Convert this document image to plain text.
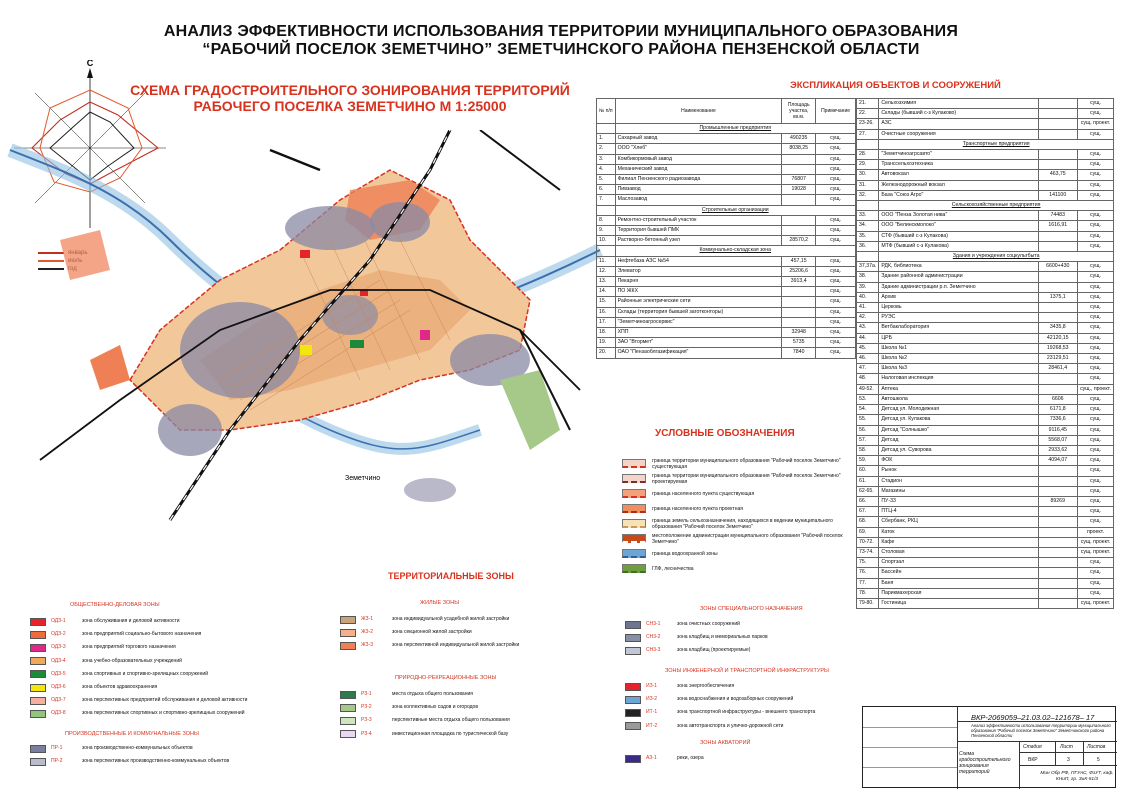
АНАЛИЗ ЭФФЕКТИВНОСТИ ИСПОЛЬЗОВАНИЯ ТЕРРИТОРИИ МУНИЦИПАЛЬНОГО ОБРАЗОВАНИЯ
“РАБОЧИЙ ПОСЕЛОК ЗЕМЕТЧИНО” ЗЕМЕТЧИНСКОГО РАЙОНА ПЕНЗЕНСКОЙ ОБЛАСТИ
С
СХЕМА ГРАДОСТРОИТЕЛЬНОГО ЗОНИРОВАНИЯ ТЕРРИТОРИЙ
РАБОЧЕГО ПОСЕЛКА ЗЕМЕТЧИНО М 1:25000
Земетчино
ЭКСПЛИКАЦИЯ ОБЪЕКТОВ И СООРУЖЕНИЙ
№ п/п	Наименование	Площадь участка, кв.м.	Примечание
	Промышленные предприятия		
1.	Сахарный завод	490235	сущ.
2.	ООО "Хлеб"	8038,25	сущ.
3.	Комбикормовый завод		сущ.
4.	Механический завод		сущ.
5.	Филиал Пензенского радиозавода	76807	сущ.
6.	Пивзавод	19028	сущ.
7.	Маслозавод		сущ.
	Строительные организации		
8.	Ремонтно-строительный участок		сущ.
9.	Территория бывшей ПМК		сущ.
10.	Растворно-бетонный узел	28570,2	сущ.
	Коммунально-складская зона		
11.	Нефтебаза АЗС №54	457,15	сущ.
12.	Элеватор	25206,6	сущ.
13.	Пекарня	3913,4	сущ.
14.	ПО ЖКХ		сущ.
15.	Районные электрические сети		сущ.
16.	Склады (территория бывшей заготконторы)		сущ.
17.	"Земетчиноагросервис"		сущ.
18.	ХПП	32948	сущ.
19.	ЗАО "Втормет"	5735	сущ.
20.	ОАО "Пензаоблгазификация"	7840	сущ.
21.	Сельхозхимия		сущ.
22.	Склады (бывший с-з Кулаково)		сущ.
23-26.	АЗС		сущ. проект.
27.	Очистные сооружения		сущ.
	Транспортные предприятия		
28.	"Земетчиноагрсавто"		сущ.
29.	Транссельхозтехника		сущ.
30.	Автовокзал	463,75	сущ.
31.	Железнодорожный вокзал		сущ.
32.	База "Союз Агро"	141100	сущ.
	Сельскохозяйственные предприятия		
33.	ООО "Пенза Золотая нива"	74483	сущ.
34.	ООО "Белинскмолоко"	1616,91	сущ.
35.	СТФ (бывший с-з Кулакова)		сущ.
36.	МТФ (бывший с-з Кулакова)		сущ.
	Здания и учреждения соцкультбыта		
37,37а.	РДК, библиотека	6600+430	сущ.
38.	Здание районной администрации		сущ.
39.	Здание администрации р.п. Земетчино		сущ.
40.	Архив	1375,1	сущ.
41.	Церковь		сущ.
42.	РУЭС		сущ.
43.	Ветбаклаборатория	3435,8	сущ.
44.	ЦРБ	42120,15	сущ.
45.	Школа №1	19268,53	сущ.
46.	Школа №2	23129,51	сущ.
47.	Школа №3	28461,4	сущ.
48.	Налоговая инспекция		сущ.
49-52.	Аптека		сущ., проект.
53.	Автошкола	6606	сущ.
54.	Детсад ул. Молодежная	6171,8	сущ.
55.	Детсад ул. Кулакова	7336,6	сущ.
56.	Детсад "Солнышко"	9116,45	сущ.
57.	Детсад	5568,07	сущ.
58.	Детсад ул. Суворова	2933,62	сущ.
59.	ФОК	4094,07	сущ.
60.	Рынок		сущ.
61.	Стадион		сущ.
62-65.	Магазины		сущ.
66.	ПУ-33	89269	сущ.
67.	ПТЦ-4		сущ.
68.	Сбербанк, РКЦ		сущ.
69.	Каток		проект.
70-72.	Кафе		сущ. проект.
73-74.	Столовая		сущ. проект.
75.	Спортзал		сущ.
76.	Бассейн		сущ.
77.	Баня		сущ.
78.	Парикмахерская		сущ.
79-80.	Гостиница		сущ. проект.
УСЛОВНЫЕ ОБОЗНАЧЕНИЯ
граница территории муниципального образования "Рабочий поселок Земетчино" существующая
граница территории муниципального образования "Рабочий поселок Земетчино" проектируемая
граница населенного пункта существующая
граница населенного пункта проектная
граница земель сельхозназначения, находящихся в ведении муниципального образования "Рабочий поселок Земетчино"
местоположение администрации муниципального образования "Рабочий поселок Земетчино"
граница водоохранной зоны
ГЛФ, лесничества
ТЕРРИТОРИАЛЬНЫЕ ЗОНЫ
ОБЩЕСТВЕННО-ДЕЛОВАЯ ЗОНЫ
ОДЗ-1	зона обслуживания и деловой активности
ОДЗ-2	зона предприятий социально-бытового назначения
ОДЗ-3	зона предприятий торгового назначения
ОДЗ-4	зона учебно-образовательных учреждений
ОДЗ-5	зона спортивных и спортивно-зрелищных сооружений
ОДЗ-6	зона объектов здравоохранения
ОДЗ-7	зона перспективных предприятий обслуживания и деловой активности
ОДЗ-8	зона перспективных спортивных и спортивно-зрелищных сооружений
ПРОИЗВОДСТВЕННЫЕ И КОММУНАЛЬНЫЕ ЗОНЫ
ПР-1	зона производственно-коммунальных объектов
ПР-2	зона перспективных производственно-коммунальных объектов
ЖИЛЫЕ ЗОНЫ
ЖЗ-1	зона индивидуальной усадебной жилой застройки
ЖЗ-2	зона секционной жилой застройки
ЖЗ-3	зона перспективной индивидуальной жилой застройки
ПРИРОДНО-РЕКРЕАЦИОННЫЕ ЗОНЫ
РЗ-1	места отдыха общего пользования
РЗ-2	зона коллективных садов и огородов
РЗ-3	перспективные места отдыха общего пользования
РЗ-4	инвестиционная площадка по туристической базу
ЗОНЫ СПЕЦИАЛЬНОГО НАЗНАЧЕНИЯ
СН3-1	зона очистных сооружений
СН3-2	зона кладбищ и мемориальных парков
СН3-3	зона кладбищ (проектируемые)
ЗОНЫ ИНЖЕНЕРНОЙ И ТРАНСПОРТНОЙ ИНФРАСТРУКТУРЫ
ИЗ-1	зона энергообеспечения
ИЗ-2	зона водоснабжения и водозаборных сооружений
ИТ-1	зона транспортной инфраструктуры - внешнего транспорта
ИТ-2	зона автотранспорта и улично-дорожной сети
ЗОНЫ АКВАТОРИЙ
АЗ-1	реки, озера
ВКР-2069059–21.03.02–121678– 17
Анализ эффективности использования территории муниципального образования "Рабочий поселок Земетчино" Земетчинского района Пензенской области
Схема градостроительного зонирования территорий
Стадия	Лист	Листов
ВКР	3	5
Мин Обр РФ, ПГУАС, ФзУТ, каф. КНиП, гр. ЗиК-51/3
